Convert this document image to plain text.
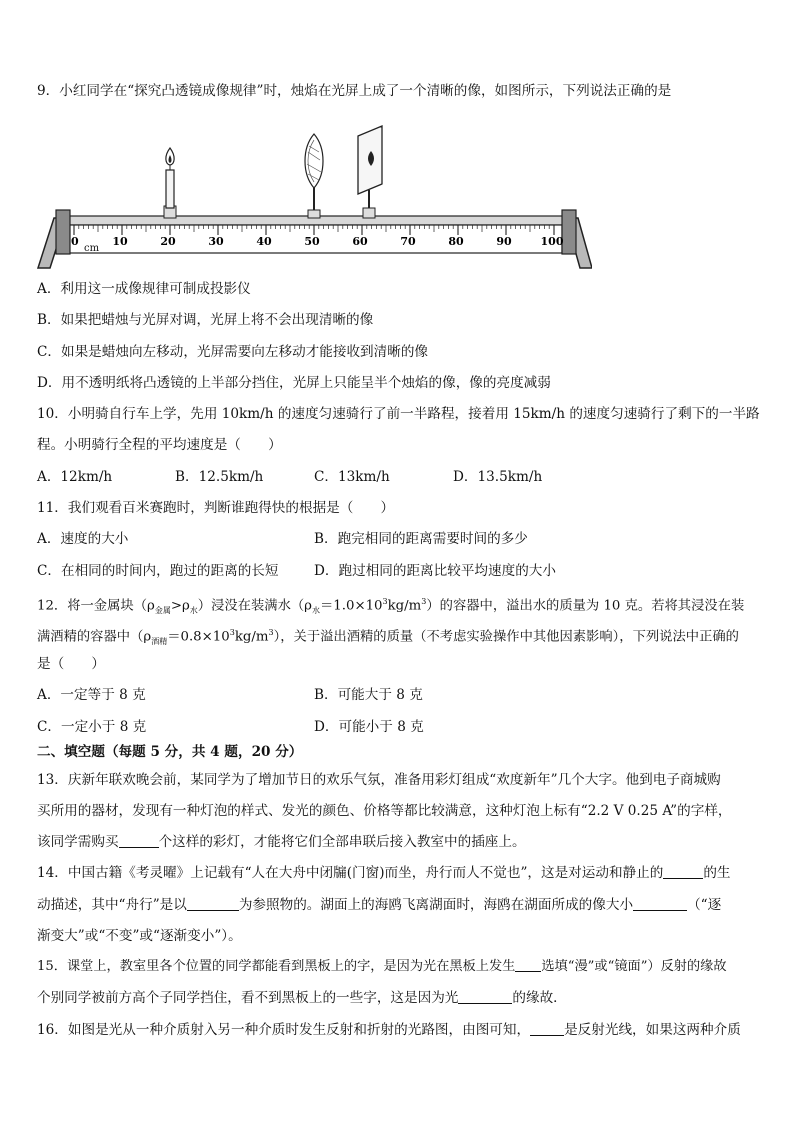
9．小红同学在“探究凸透镜成像规律”时，烛焰在光屏上成了一个清晰的像，如图所示，下列说法正确的是
0	10	20	30	40	50	60	70	80	90	100
cm
A．利用这一成像规律可制成投影仪
B．如果把蜡烛与光屏对调，光屏上将不会出现清晰的像
C．如果是蜡烛向左移动，光屏需要向左移动才能接收到清晰的像
D．用不透明纸将凸透镜的上半部分挡住，光屏上只能呈半个烛焰的像，像的亮度减弱
10．小明骑自行车上学，先用 10km/h 的速度匀速骑行了前一半路程，接着用 15km/h 的速度匀速骑行了剩下的一半路
程。小明骑行全程的平均速度是（　　）
A．12km/h	B．12.5km/h	C．13km/h	D．13.5km/h
11．我们观看百米赛跑时，判断谁跑得快的根据是（　　）
A．速度的大小	B．跑完相同的距离需要时间的多少
C．在相同的时间内，跑过的距离的长短	D．跑过相同的距离比较平均速度的大小
12．将一金属块$(\rho_{金属}>\rho_水)$浸没在装满水$(\rho_水=1.0\times 10^3kg/m^3)$的容器中，溢出水的质量为 10 克。若将其浸没在装
满酒精的容器中$(\rho_{酒精}=0.8\times 10^3kg/m^3)$，关于溢出酒精的质量（不考虑实验操作中其他因素影响），下列说法中正确的
是（　　）
A．一定等于 8 克	B．可能大于 8 克
C．一定小于 8 克	D．可能小于 8 克
二、填空题（每题 5 分，共 4 题，20 分）
13．庆新年联欢晚会前，某同学为了增加节日的欢乐气氛，准备用彩灯组成“欢度新年”几个大字。他到电子商城购
买所用的器材，发现有一种灯泡的样式、发光的颜色、价格等都比较满意，这种灯泡上标有“2.2 V 0.25 A”的字样，
该同学需购买	个这样的彩灯，才能将它们全部串联后接入教室中的插座上。
14．中国古籍《考灵曜》上记载有“人在大舟中闭牖(门窗)而坐，舟行而人不觉也”，这是对运动和静止的	的生
动描述，其中“舟行”是以	为参照物的。湖面上的海鸥飞离湖面时，海鸥在湖面所成的像大小	（“逐
渐变大”或“不变”或“逐渐变小”）。
15．课堂上，教室里各个位置的同学都能看到黑板上的字，是因为光在黑板上发生 选填“漫”或“镜面”）反射的缘故
个别同学被前方高个子同学挡住，看不到黑板上的一些字，这是因为光	的缘故．
16．如图是光从一种介质射入另一种介质时发生反射和折射的光路图，由图可知，	是反射光线，如果这两种介质
